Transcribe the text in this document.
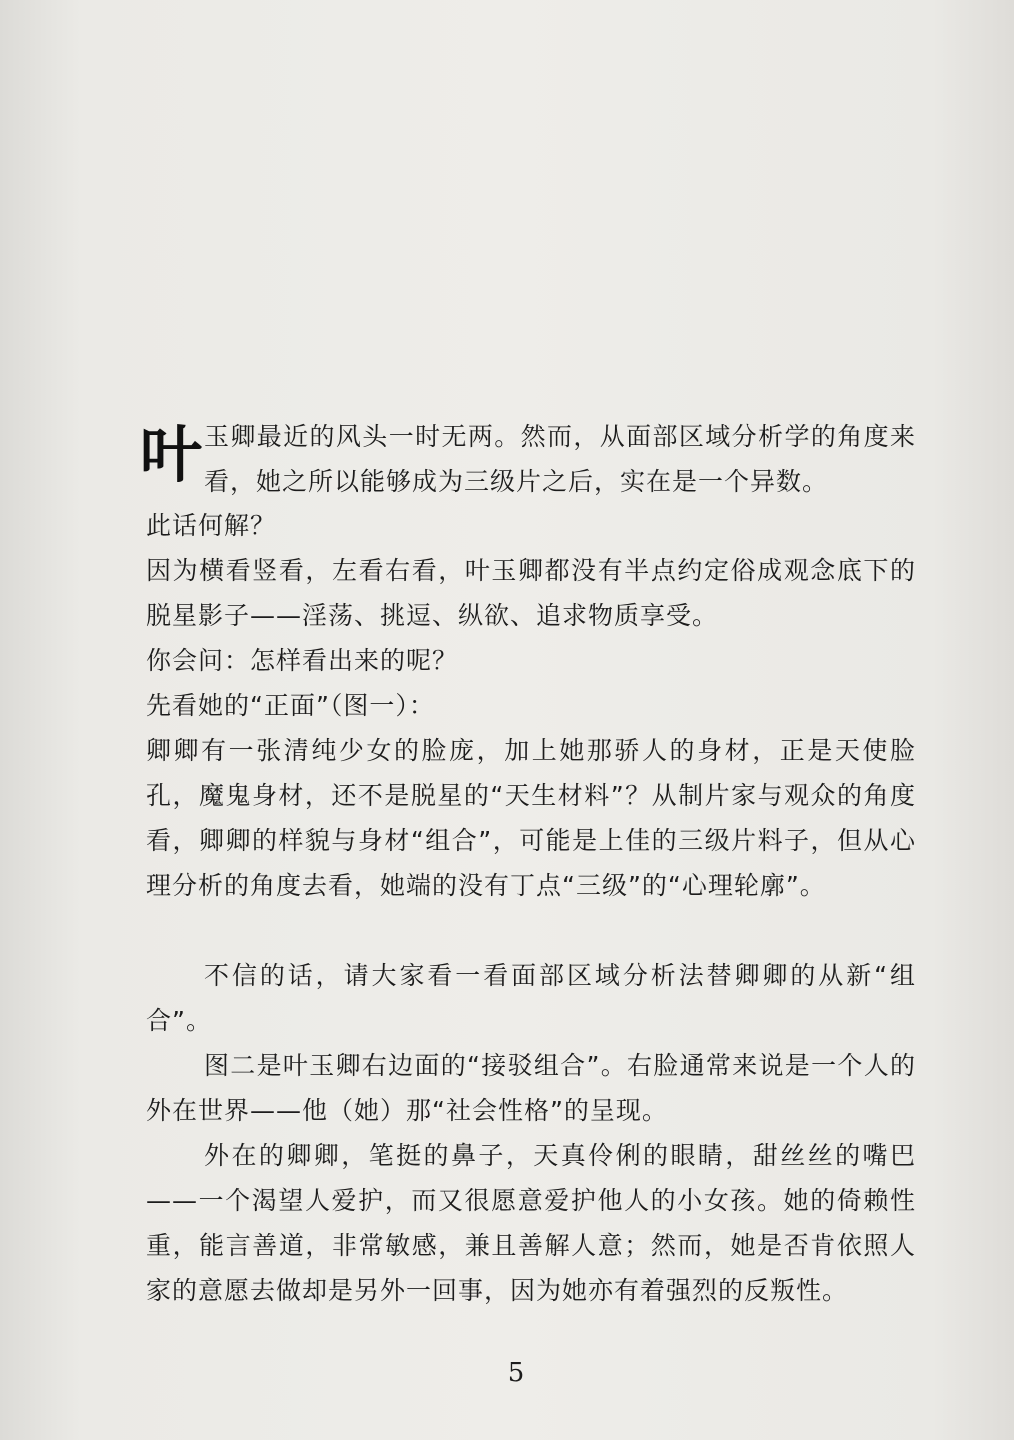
叶 玉卿最近的风头一时无两。然而，从面部区域分析学的角度来看，她之所以能够成为三级片之后，实在是一个异数。

此话何解？

因为横看竖看，左看右看，叶玉卿都没有半点约定俗成观念底下的脱星影子——淫荡、挑逗、纵欲、追求物质享受。

你会问：怎样看出来的呢？

先看她的“正面”（图一）：

卿卿有一张清纯少女的脸庞，加上她那骄人的身材，正是天使脸孔，魔鬼身材，还不是脱星的“天生材料”？从制片家与观众的角度看，卿卿的样貌与身材“组合”，可能是上佳的三级片料子，但从心理分析的角度去看，她端的没有丁点“三级”的“心理轮廓”。

不信的话，请大家看一看面部区域分析法替卿卿的从新“组合”。

图二是叶玉卿右边面的“接驳组合”。右脸通常来说是一个人的外在世界——他（她）那“社会性格”的呈现。

外在的卿卿，笔挺的鼻子，天真伶俐的眼睛，甜丝丝的嘴巴——一个渴望人爱护，而又很愿意爱护他人的小女孩。她的倚赖性重，能言善道，非常敏感，兼且善解人意；然而，她是否肯依照人家的意愿去做却是另外一回事，因为她亦有着强烈的反叛性。

5
